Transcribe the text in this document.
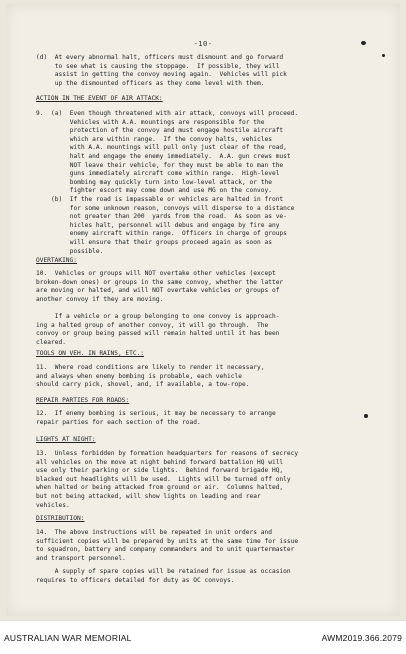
-10-
(d)  At every abnormal halt, officers must dismount and go forward
to see what is causing the stoppage.  If possible, they will
assist in getting the convoy moving again.  Vehicles will pick
up the dismounted officers as they come level with them.
ACTION IN THE EVENT OF AIR ATTACK:
9.  (a)  Even though threatened with air attack, convoys will proceed.
Vehicles with A.A. mountings are responsible for the
protection of the convoy and must engage hostile aircraft
which are within range.  If the convoy halts, vehicles
with A.A. mountings will pull only just clear of the road,
halt and engage the enemy immediately.  A.A. gun crews must
NOT leave their vehicle, for they must be able to man the
guns immediately aircraft come within range.  High-level
bombing may quickly turn into low-level attack, or the
fighter escort may come down and use MG on the convoy.
(b)  If the road is impassable or vehicles are halted in front
for some unknown reason, convoys will disperse to a distance
not greater than 200  yards from the road.  As soon as ve-
hicles halt, personnel will debus and engage by fire any
enemy aircraft within range.  Officers in charge of groups
will ensure that their groups proceed again as soon as
possible.
OVERTAKING:
10.  Vehicles or groups will NOT overtake other vehicles (except
broken-down ones) or groups in the same convoy, whether the latter
are moving or halted, and will NOT overtake vehicles or groups of
another convoy if they are moving.

If a vehicle or a group belonging to one convoy is approach-
ing a halted group of another convoy, it will go through.  The
convoy or group being passed will remain halted until it has been
cleared.
TOOLS ON VEH. IN RAINS, ETC.:
11.  Where road conditions are likely to render it necessary,
and always when enemy bombing is probable, each vehicle
should carry pick, shovel, and, if available, a tow-rope.
REPAIR PARTIES FOR ROADS:
12.  If enemy bombing is serious, it may be necessary to arrange
repair parties for each section of the road.
LIGHTS AT NIGHT:
13.  Unless forbidden by formation headquarters for reasons of secrecy
all vehicles on the move at night behind forward battalion HQ will
use only their parking or side lights.  Behind forward brigade HQ,
blacked out headlights will be used.  Lights will be turned off only
when halted or being attacked from ground or air.  Columns halted,
but not being attacked, will show lights on leading and rear
vehicles.
DISTRIBUTION:
14.  The above instructions will be repeated in unit orders and
sufficient copies will be prepared by units at the same time for issue
to squadron, battery and company commanders and to unit quartermaster
and transport personnel.
A supply of spare copies will be retained for issue as occasion
requires to officers detailed for duty as OC convoys.
AUSTRALIAN WAR MEMORIAL	AWM2019.366.2079
